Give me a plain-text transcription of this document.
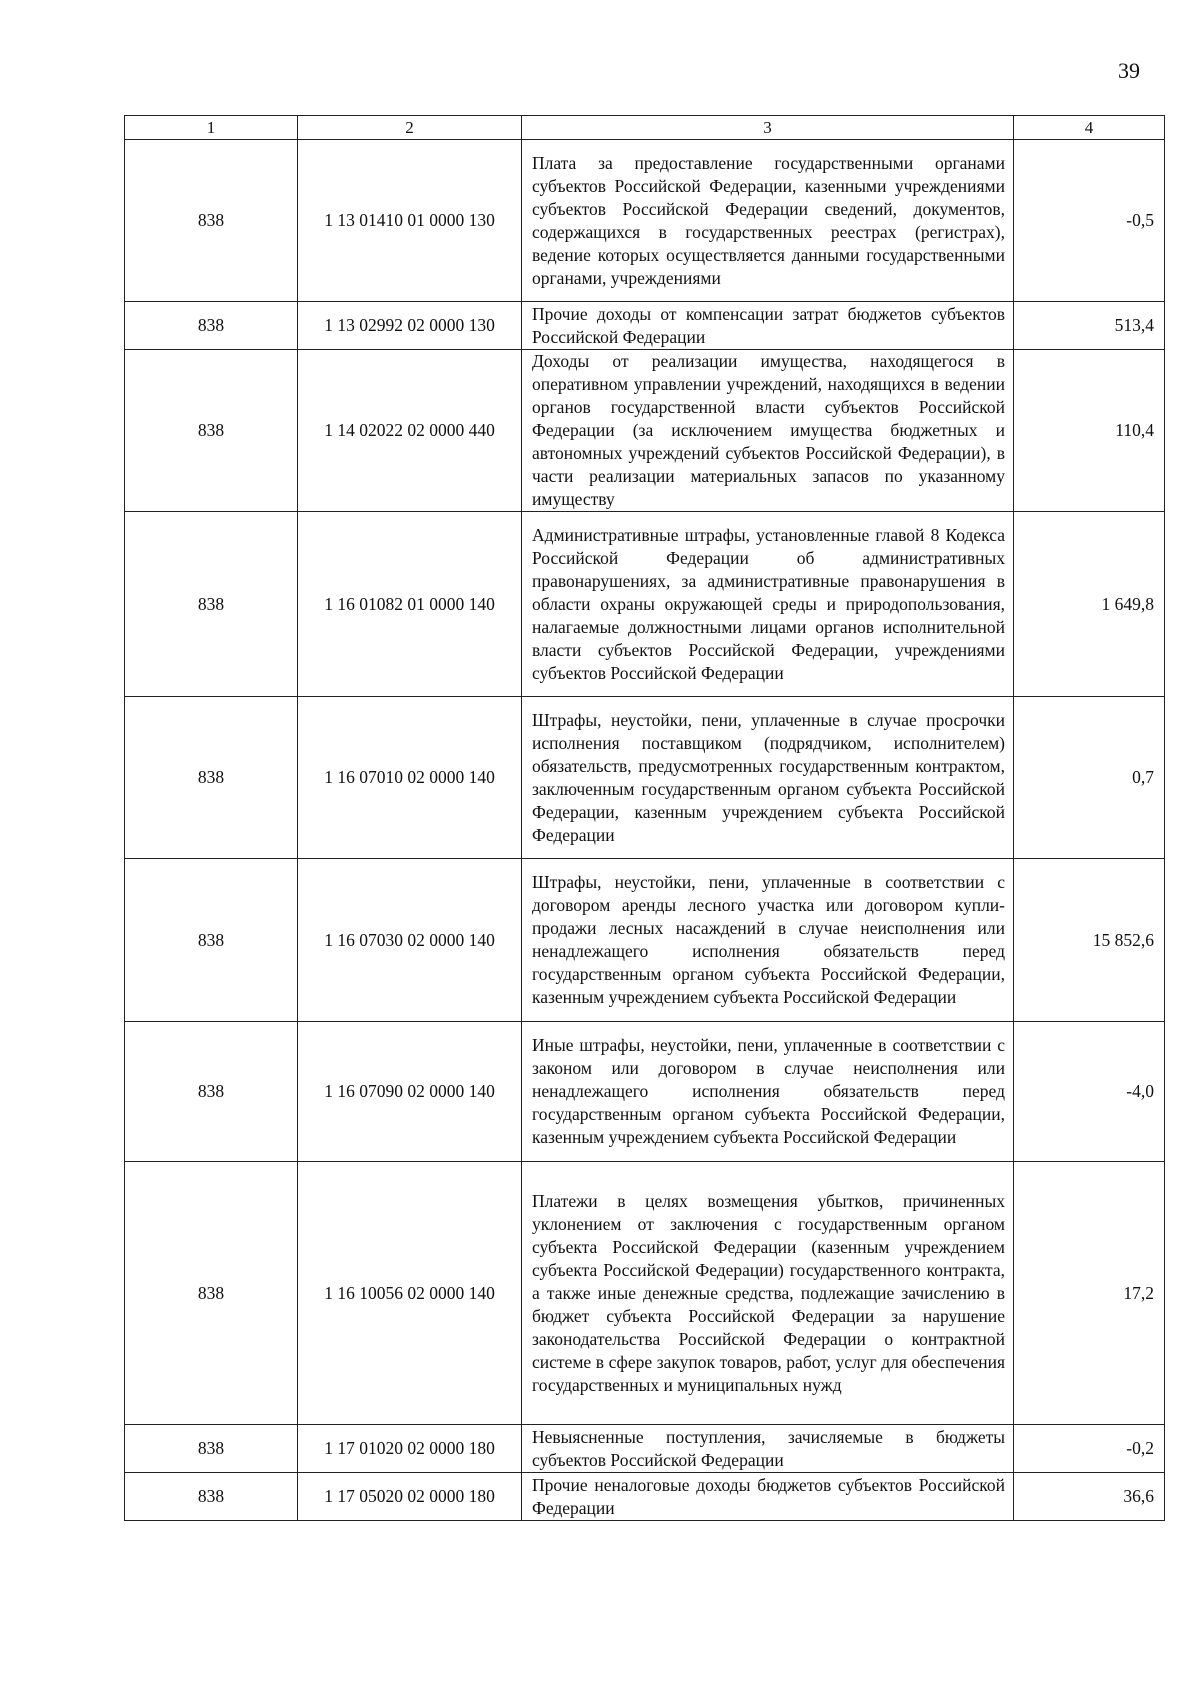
39
1	2	3	4
838	1 13 01410 01 0000 130	Плата за предоставление государственными органами субъектов Российской Федерации, казенными учреждениями субъектов Российской Федерации сведений, документов, содержащихся в государственных реестрах (регистрах), ведение которых осуществляется данными государственными органами, учреждениями	-0,5
838	1 13 02992 02 0000 130	Прочие доходы от компенсации затрат бюджетов субъектов Российской Федерации	513,4
838	1 14 02022 02 0000 440	Доходы от реализации имущества, находящегося в оперативном управлении учреждений, находящихся в ведении органов государственной власти субъектов Российской Федерации (за исключением имущества бюджетных и автономных учреждений субъектов Российской Федерации), в части реализации материальных запасов по указанному имуществу	110,4
838	1 16 01082 01 0000 140	Административные штрафы, установленные главой 8 Кодекса Российской Федерации об административных правонарушениях, за административные правонарушения в области охраны окружающей среды и природопользования, налагаемые должностными лицами органов исполнительной власти субъектов Российской Федерации, учреждениями субъектов Российской Федерации	1 649,8
838	1 16 07010 02 0000 140	Штрафы, неустойки, пени, уплаченные в случае просрочки исполнения поставщиком (подрядчиком, исполнителем) обязательств, предусмотренных государственным контрактом, заключенным государственным органом субъекта Российской Федерации, казенным учреждением субъекта Российской Федерации	0,7
838	1 16 07030 02 0000 140	Штрафы, неустойки, пени, уплаченные в соответствии с договором аренды лесного участка или договором купли-продажи лесных насаждений в случае неисполнения или ненадлежащего исполнения обязательств перед государственным органом субъекта Российской Федерации, казенным учреждением субъекта Российской Федерации	15 852,6
838	1 16 07090 02 0000 140	Иные штрафы, неустойки, пени, уплаченные в соответствии с законом или договором в случае неисполнения или ненадлежащего исполнения обязательств перед государственным органом субъекта Российской Федерации, казенным учреждением субъекта Российской Федерации	-4,0
838	1 16 10056 02 0000 140	Платежи в целях возмещения убытков, причиненных уклонением от заключения с государственным органом субъекта Российской Федерации (казенным учреждением субъекта Российской Федерации) государственного контракта, а также иные денежные средства, подлежащие зачислению в бюджет субъекта Российской Федерации за нарушение законодательства Российской Федерации о контрактной системе в сфере закупок товаров, работ, услуг для обеспечения государственных и муниципальных нужд	17,2
838	1 17 01020 02 0000 180	Невыясненные поступления, зачисляемые в бюджеты субъектов Российской Федерации	-0,2
838	1 17 05020 02 0000 180	Прочие неналоговые доходы бюджетов субъектов Российской Федерации	36,6
